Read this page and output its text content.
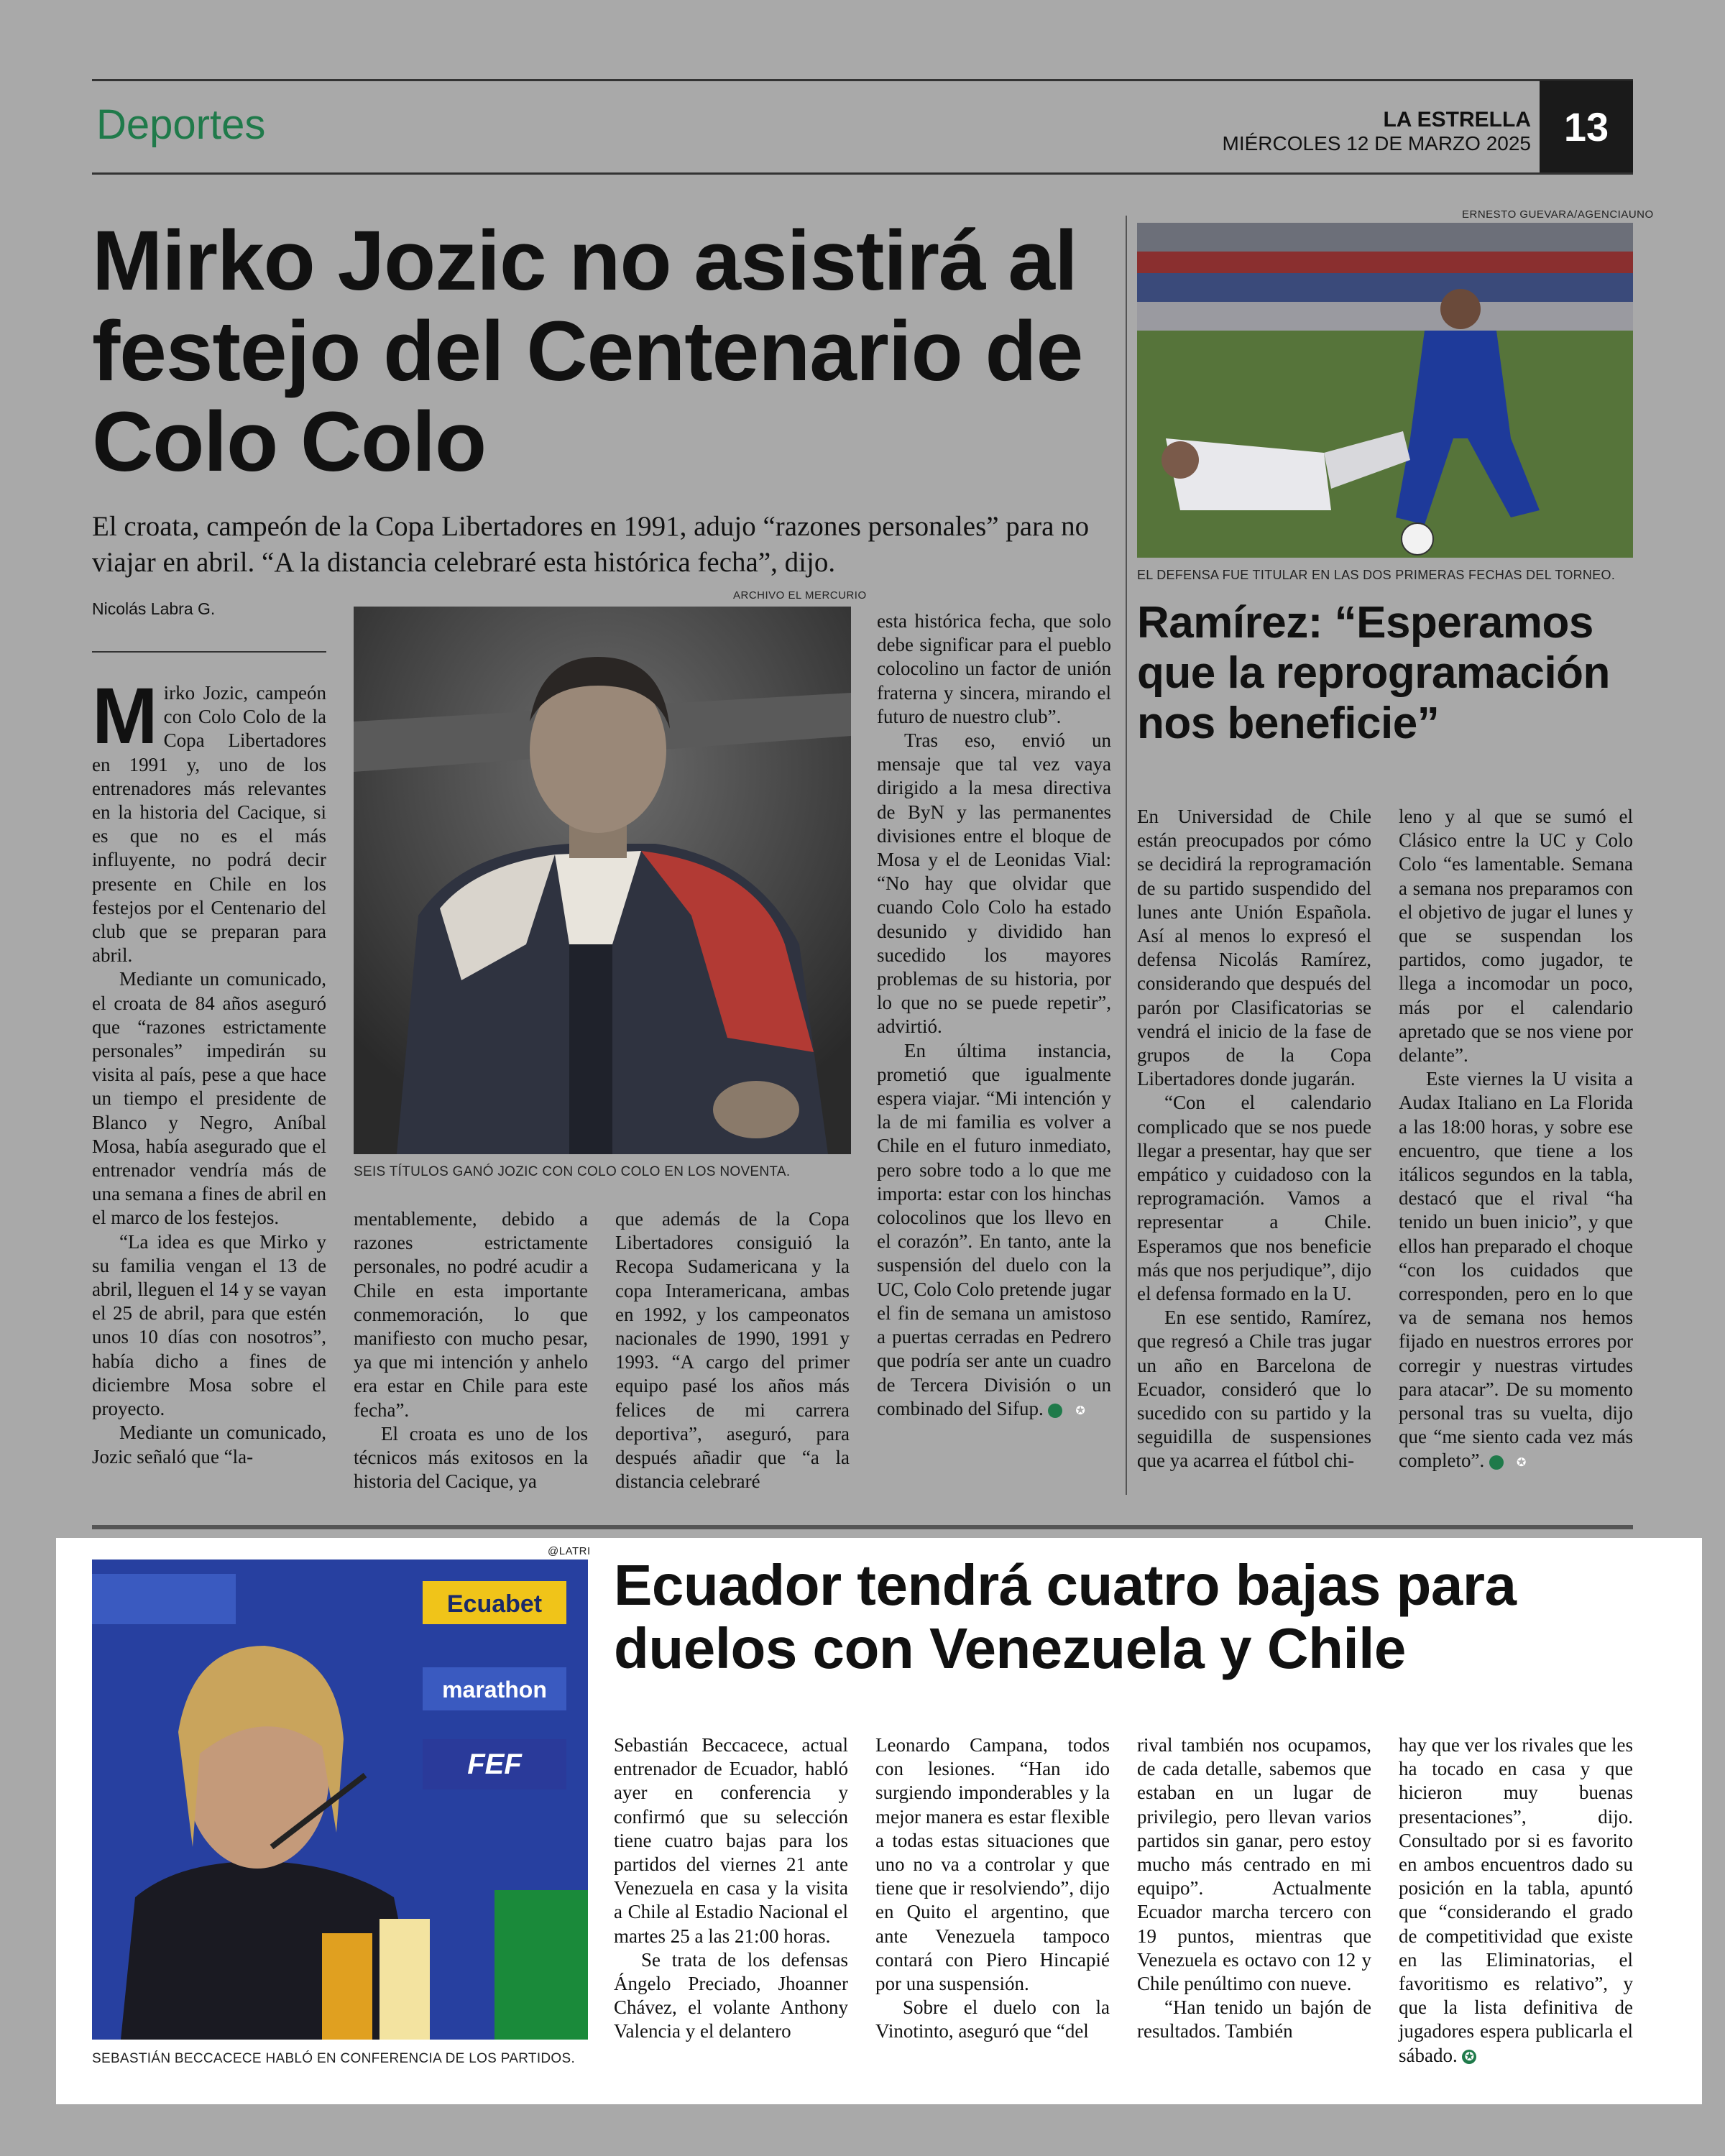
Deportes	LA ESTRELLA
MIÉRCOLES 12 DE MARZO 2025 13
Mirko Jozic no asistirá al festejo del Centenario de Colo Colo
El croata, campeón de la Copa Libertadores en 1991, adujo “razones personales” para no viajar en abril. “A la distancia celebraré esta histórica fecha”, dijo.
Nicolás Labra G.
ARCHIVO EL MERCURIO
SEIS TÍTULOS GANÓ JOZIC CON COLO COLO EN LOS NOVENTA.

Mirko Jozic, campeón con Colo Colo de la Copa Libertadores en 1991 y, uno de los entrenadores más relevantes en la historia del Cacique, si es que no es el más influyente, no podrá decir presente en Chile en los festejos por el Centenario del club que se preparan para abril.

Mediante un comunicado, el croata de 84 años aseguró que “razones estrictamente personales” impedirán su visita al país, pese a que hace un tiempo el presidente de Blanco y Negro, Aníbal Mosa, había asegurado que el entrenador vendría más de una semana a fines de abril en el marco de los festejos.

“La idea es que Mirko y su familia vengan el 13 de abril, lleguen el 14 y se vayan el 25 de abril, para que estén unos 10 días con nosotros”, había dicho a fines de diciembre Mosa sobre el proyecto.

Mediante un comunicado, Jozic señaló que “la-

mentablemente, debido a razones estrictamente personales, no podré acudir a Chile en esta importante conmemoración, lo que manifiesto con mucho pesar, ya que mi intención y anhelo era estar en Chile para este fecha”.

El croata es uno de los técnicos más exitosos en la historia del Cacique, ya

que además de la Copa Libertadores consiguió la Recopa Sudamericana y la copa Interamericana, ambas en 1992, y los campeonatos nacionales de 1990, 1991 y 1993. “A cargo del primer equipo pasé los años más felices de mi carrera deportiva”, aseguró, para después añadir que “a la distancia celebraré

esta histórica fecha, que solo debe significar para el pueblo colocolino un factor de unión fraterna y sincera, mirando el futuro de nuestro club”.

Tras eso, envió un mensaje que tal vez vaya dirigido a la mesa directiva de ByN y las permanentes divisiones entre el bloque de Mosa y el de Leonidas Vial: “No hay que olvidar que cuando Colo Colo ha estado desunido y dividido han sucedido los mayores problemas de su historia, por lo que no se puede repetir”, advirtió.

En última instancia, prometió que igualmente espera viajar. “Mi intención y la de mi familia es volver a Chile en el futuro inmediato, pero sobre todo a lo que me importa: estar con los hinchas colocolinos que los llevo en el corazón”. En tanto, ante la suspensión del duelo con la UC, Colo Colo pretende jugar el fin de semana un amistoso a puertas cerradas en Pedrero que podría ser ante un cuadro de Tercera División o un combinado del Sifup.	✪

ERNESTO GUEVARA/AGENCIAUNO
EL DEFENSA FUE TITULAR EN LAS DOS PRIMERAS FECHAS DEL TORNEO.
Ramírez: “Esperamos que la reprogramación nos beneficie”

En Universidad de Chile están preocupados por cómo se decidirá la reprogramación de su partido suspendido del lunes ante Unión Española. Así al menos lo expresó el defensa Nicolás Ramírez, considerando que después del parón por Clasificatorias se vendrá el inicio de la fase de grupos de la Copa Libertadores donde jugarán.

“Con el calendario complicado que se nos puede llegar a presentar, hay que ser empático y cuidadoso con la reprogramación. Vamos a representar a Chile. Esperamos que nos beneficie más que nos perjudique”, dijo el defensa formado en la U.

En ese sentido, Ramírez, que regresó a Chile tras jugar un año en Barcelona de Ecuador, consideró que lo sucedido con su partido y la seguidilla de suspensiones que ya acarrea el fútbol chi-

leno y al que se sumó el Clásico entre la UC y Colo Colo “es lamentable. Semana a semana nos preparamos con el objetivo de jugar el lunes y que se suspendan los partidos, como jugador, te llega a incomodar un poco, más por el calendario apretado que se nos viene por delante”.

Este viernes la U visita a Audax Italiano en La Florida a las 18:00 horas, y sobre ese encuentro, que tiene a los itálicos segundos en la tabla, destacó que el rival “ha tenido un buen inicio”, y que ellos han preparado el choque “con los cuidados que corresponden, pero en lo que va de semana nos hemos fijado en nuestros errores por corregir y nuestras virtudes para atacar”. De su momento personal tras su vuelta, dijo que “me siento cada vez más completo”.	✪

@LATRI
Ecuabet
marathon
FEF
SEBASTIÁN BECCACECE HABLÓ EN CONFERENCIA DE LOS PARTIDOS.
Ecuador tendrá cuatro bajas para duelos con Venezuela y Chile

Sebastián Beccacece, actual entrenador de Ecuador, habló ayer en conferencia y confirmó que su selección tiene cuatro bajas para los partidos del viernes 21 ante Venezuela en casa y la visita a Chile al Estadio Nacional el martes 25 a las 21:00 horas.

Se trata de los defensas Ángelo Preciado, Jhoanner Chávez, el volante Anthony Valencia y el delantero

Leonardo Campana, todos con lesiones. “Han ido surgiendo imponderables y la mejor manera es estar flexible a todas estas situaciones que uno no va a controlar y que tiene que ir resolviendo”, dijo en Quito el argentino, que ante Venezuela tampoco contará con Piero Hincapié por una suspensión.

Sobre el duelo con la Vinotinto, aseguró que “del

rival también nos ocupamos, de cada detalle, sabemos que estaban en un lugar de privilegio, pero llevan varios partidos sin ganar, pero estoy mucho más centrado en mi equipo”. Actualmente Ecuador marcha tercero con 19 puntos, mientras que Venezuela es octavo con 12 y Chile penúltimo con nueve.

“Han tenido un bajón de resultados. También

hay que ver los rivales que les ha tocado en casa y que hicieron muy buenas presentaciones”, dijo. Consultado por si es favorito en ambos encuentros dado su posición en la tabla, apuntó que “considerando el grado de competitividad que existe en las Eliminatorias, el favoritismo es relativo”, y que la lista definitiva de jugadores espera publicarla el sábado. ✪
